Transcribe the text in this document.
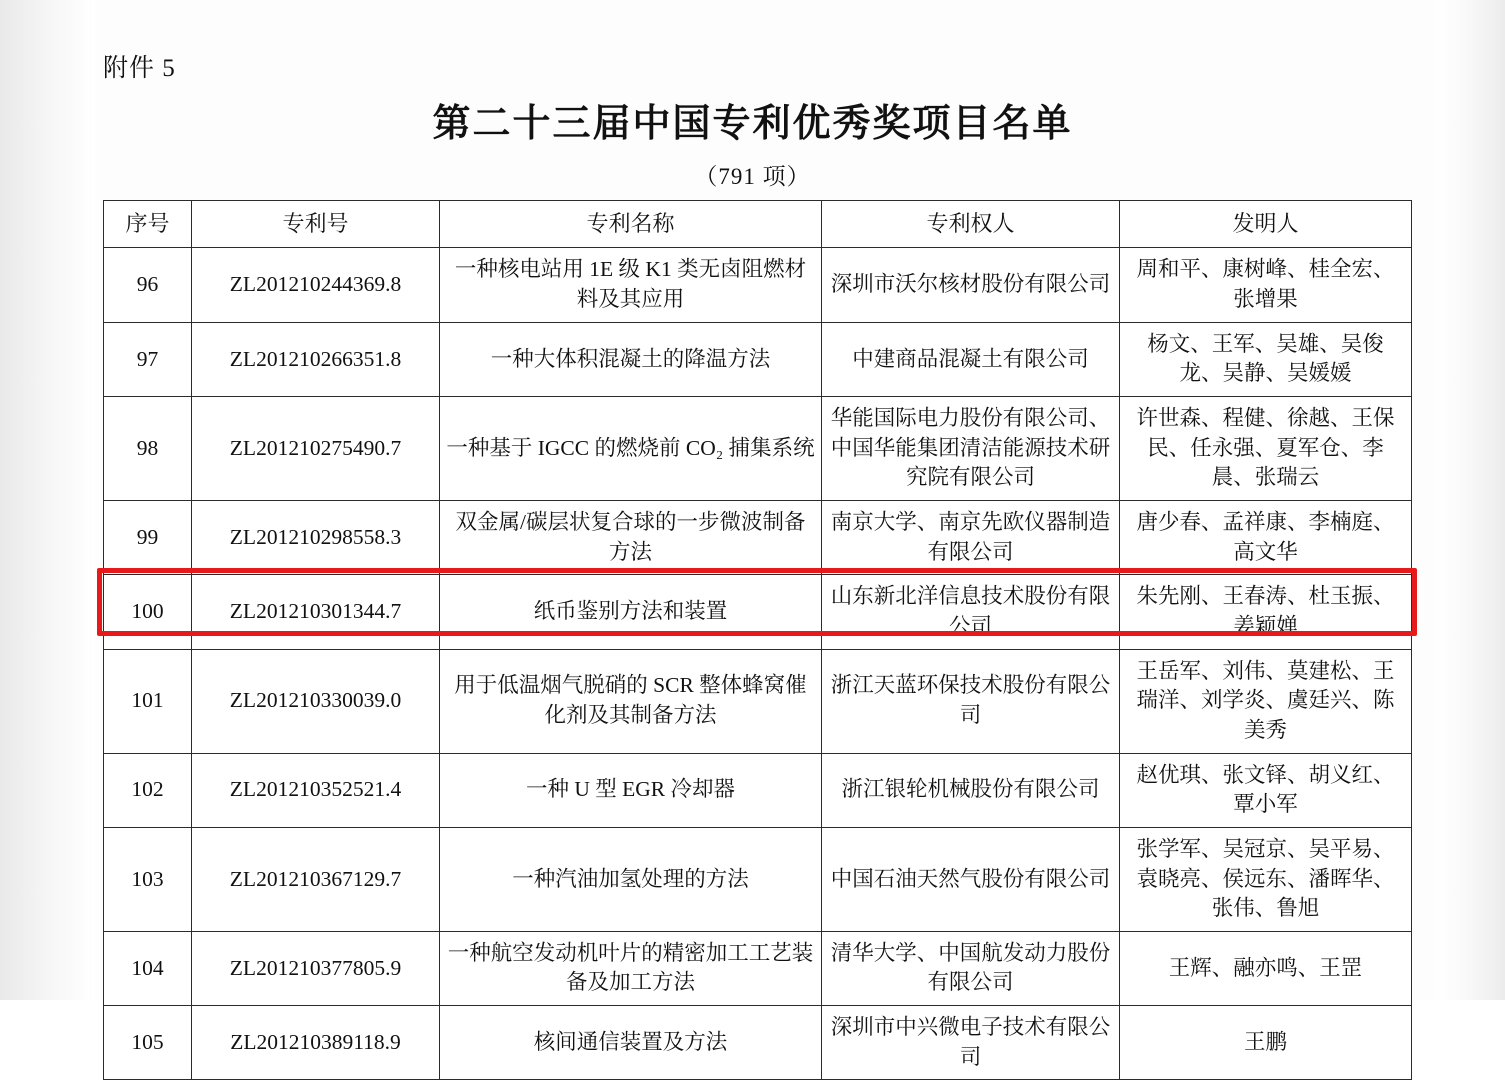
附件 5
第二十三届中国专利优秀奖项目名单
（791 项）
序号	专利号	专利名称	专利权人	发明人
96	ZL201210244369.8	一种核电站用 1E 级 K1 类无卤阻燃材料及其应用	深圳市沃尔核材股份有限公司	周和平、康树峰、桂全宏、张增果
97	ZL201210266351.8	一种大体积混凝土的降温方法	中建商品混凝土有限公司	杨文、王军、吴雄、吴俊龙、吴静、吴媛媛
98	ZL201210275490.7	一种基于 IGCC 的燃烧前 CO₂ 捕集系统	华能国际电力股份有限公司、中国华能集团清洁能源技术研究院有限公司	许世森、程健、徐越、王保民、任永强、夏军仓、李晨、张瑞云
99	ZL201210298558.3	双金属/碳层状复合球的一步微波制备方法	南京大学、南京先欧仪器制造有限公司	唐少春、孟祥康、李楠庭、高文华
100	ZL201210301344.7	纸币鉴别方法和装置	山东新北洋信息技术股份有限公司	朱先刚、王春涛、杜玉振、姜颖婵
101	ZL201210330039.0	用于低温烟气脱硝的 SCR 整体蜂窝催化剂及其制备方法	浙江天蓝环保技术股份有限公司	王岳军、刘伟、莫建松、王瑞洋、刘学炎、虞廷兴、陈美秀
102	ZL201210352521.4	一种 U 型 EGR 冷却器	浙江银轮机械股份有限公司	赵优琪、张文铎、胡义红、覃小军
103	ZL201210367129.7	一种汽油加氢处理的方法	中国石油天然气股份有限公司	张学军、吴冠京、吴平易、袁晓亮、侯远东、潘晖华、张伟、鲁旭
104	ZL201210377805.9	一种航空发动机叶片的精密加工工艺装备及加工方法	清华大学、中国航发动力股份有限公司	王辉、融亦鸣、王罡
105	ZL201210389118.9	核间通信装置及方法	深圳市中兴微电子技术有限公司	王鹏
